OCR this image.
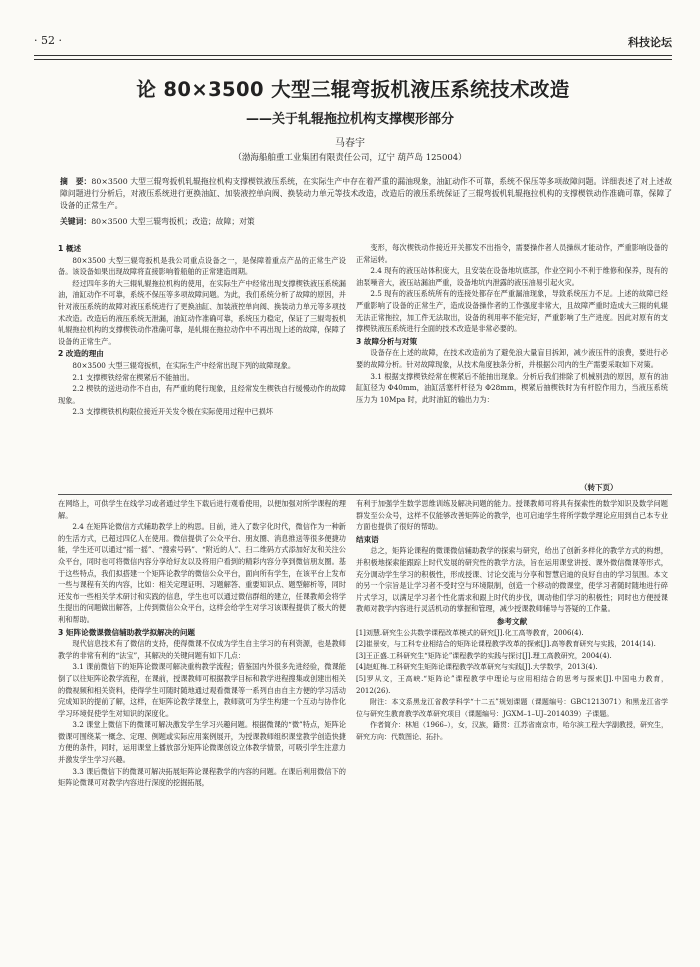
· 52 ·	科技论坛
论 80×3500 大型三辊弯扳机液压系统技术改造
——关于轧辊拖拉机构支撑楔形部分
马春宇
（渤海船舶重工业集团有限责任公司，辽宁 葫芦岛 125004）
摘　要：80×3500 大型三辊弯扳机轧辊拖拉机构支撑楔铁液压系统，在实际生产中存在着严重的漏油现象，油缸动作不可靠，系统不保压等多项故障问题。详细表述了对上述故障问题进行分析后，对液压系统进行更换油缸、加装液控单向阀、换装动力单元等技术改造，改造后的液压系统保证了三辊弯扳机轧辊拖拉机构的支撑楔铁动作准确可靠，保障了设备的正常生产。
关键词：80×3500 大型三辊弯扳机；改造；故障；对策
1 概述

80×3500 大型三辊弯扳机是我公司重点设备之一，是保障着重点产品的正常生产设备。该设备如果出现故障将直接影响着船舶的正常建造周期。

经过四年多的大三辊轧辊拖拉机构的使用，在实际生产中经常出现支撑楔铁液压系统漏油，油缸动作不可靠，系统不保压等多项故障问题。为此，我们系统分析了故障的原因，并针对液压系统的故障对液压系统进行了更换油缸、加装液控单向阀、换装动力单元等多项技术改造。改造后的液压系统无泄漏，油缸动作准确可靠，系统压力稳定，保证了三辊弯扳机轧辊拖拉机构的支撑楔铁动作准确可靠，是轧辊在拖拉动作中不再出现上述的故障，保障了设备的正常生产。

2 改造的理由

80×3500 大型三辊弯扳机，在实际生产中经常出现下列的故障现象。

2.1 支撑楔铁经常在楔紧后不能抽出。

2.2 楔铁的送进动作不自由，有严重的爬行现象，且经常发生楔铁自行缓慢动作的故障现象。

2.3 支撑楔铁机构限位接近开关发令极在实际使用过程中已损坏

变形，每次楔铁动作接近开关都发不出指令，需要操作者人员操纵才能动作，严重影响设备的正常运转。

2.4 现有的液压站体积庞大，且安装在设备地坑底部，作业空间小不利于维修和保养，现有的油泵噪音大，液压站漏油严重，设备地坑内泄露的液压油易引起火灾。

2.5 现有的液压系统所有的连接处都存在严重漏油现象，导致系统压力不足。上述的故障已经严重影响了设备的正常生产，造成设备操作者的工作强度非常大，且故障严重时造成大三辊的轧辊无法正常拖拉，加工件无法取出，设备的利用率不能完好，严重影响了生产进度。因此对原有的支撑楔铁液压系统进行全面的技术改造是非常必要的。

3 故障分析与对策

设备存在上述的故障，在技术改造前为了避免浪大量盲目拆卸，减少液压件的浪费，要进行必要的故障分析。针对故障现象，从技术角度独条分析，并根据公司内的生产需要采取如下对策。

3.1 根据支撑楔铁经常在楔紧后不能抽出现象。分析后我们排除了机械别劲的原因，原有的油缸缸径为 Φ40mm，油缸活塞杆杆径为 Φ28mm，楔紧后抽楔铁时为有杆腔作用力，当液压系统压力为 10Mpa 时，此时油缸的输出力为：

（转下页）

在网络上，可供学生在线学习或者通过学生下载后进行观看使用，以便加强对所学课程的理解。

2.4 在矩阵论微信方式辅助教学上的构思。目前，进入了数字化时代，微信作为一种新的生活方式，已超过四亿人在使用。微信提供了公众平台、朋友圈、消息推送等很多便捷功能，学生还可以通过“摇一摇”、“搜索号码”、“附近的人”、扫二维码方式添加好友和关注公众平台，同时也可将微信内容分享给好友以及将用户看到的精彩内容分享到微信朋友圈。基于这些特点，我们拟搭建一个矩阵论教学的微信公众平台，面向所有学生，在该平台上发布一些与课程有关的内容，比如：相关定理证明、习题解答、重要知识点、题型解析等，同时还发布一些相关学术研讨和实践的信息，学生也可以通过微信群组的建立，任课教师会将学生提出的问题做出解答，上传到微信公众平台，这样会给学生对学习该课程提供了极大的便利和帮助。

3 矩阵论微课微信辅助教学拟解决的问题

现代信息技术有了微信的支持，使得微课不仅成为学生自主学习的有利资源，也是教师教学的非常有利的“法宝”，其解决的关键问题有如下几点：

3.1 课前微信下的矩阵论微课可解决重构教学流程；借鉴国内外很多先进经验，微课能倒了以往矩阵论教学流程，在课前，授课教师可根据教学目标和教学进程搜集或创建出相关的微视频和相关资料，使得学生可随时随地通过观看微课等一系列自由自主方便的学习活动完成知识的提前了解，这样，在矩阵论教学课堂上，教师就可为学生构建一个互动与协作化学习环境促使学生对知识的深度化。

3.2 课堂上微信下的微课可解决激发学生学习兴趣问题。根据微课的“微”特点，矩阵论微课可围绕某一概念、定理、例题或实际应用案例展开，为授课教师组织课堂教学创造快捷方便的条件，同时，运用课堂上播放部分矩阵论微课创设立体教学情景，可吸引学生注意力并激发学生学习兴趣。

3.3 课后微信下的微课可解决拓展矩阵论课程教学的内容的问题。在课后利用微信下的矩阵论微课可对教学内容进行深度的挖掘拓展，

有利于加强学生数学思维训练及解决问题的能力。授课教师可将具有探索性的数学知识及数学问题群发至公众号，这样不仅能够改善矩阵论的教学，也可启迪学生将所学数学理论应用到自己本专业方面也提供了很好的帮助。

结束语

总之，矩阵论课程的微课微信辅助教学的探索与研究，给出了创新多样化的教学方式的构想，并积极地探索能跟踪上时代发展的研究性的教学方法，旨在运用课堂讲授、课外微信微课等形式，充分调动学生学习的积极性，形成授课、讨论交流与分享和智慧启迪的良好自由的学习氛围。本文的另一个宗旨是让学习者不受时空与环境限制，创造一个移动的微课堂，使学习者随时随地进行碎片式学习，以满足学习者个性化需求和跟上时代的步伐，调动他们学习的积极性；同时也方便授课教师对教学内容进行灵活机动的掌握和管理，减少授课教师辅导与答疑的工作量。

参考文献

[1]刘慧.研究生公共数学课程改革模式的研究[J].化工高等教育，2006(4).

[2]崔景安，与工科专业相结合的矩阵论课程教学改革的探索[J].高等教育研究与实践，2014(14).

[3]王正盛.工科研究生“矩阵论”课程教学的实践与探讨[J].理工高教研究，2004(4).

[4]赵虹梅.工科研究生矩阵论课程教学改革研究与实践[J].大学数学，2013(4).

[5]罗从文，王高峡.“矩阵论”课程教学中理论与应用相结合的思考与探索[J].中国电力教育，2012(26).

附注：本文系黑龙江省教学科学“十二五”规划课题（课题编号：GBC1213071）和黑龙江省学位与研究生教育教学改革研究项目（课题编号：JGXM–1–UJ–2014039）子课题。

作者简介：林旭（1966–），女，汉族，籍贯：江苏省南京市，哈尔滨工程大学副教授，研究生，研究方向：代数图论、拓扑。
